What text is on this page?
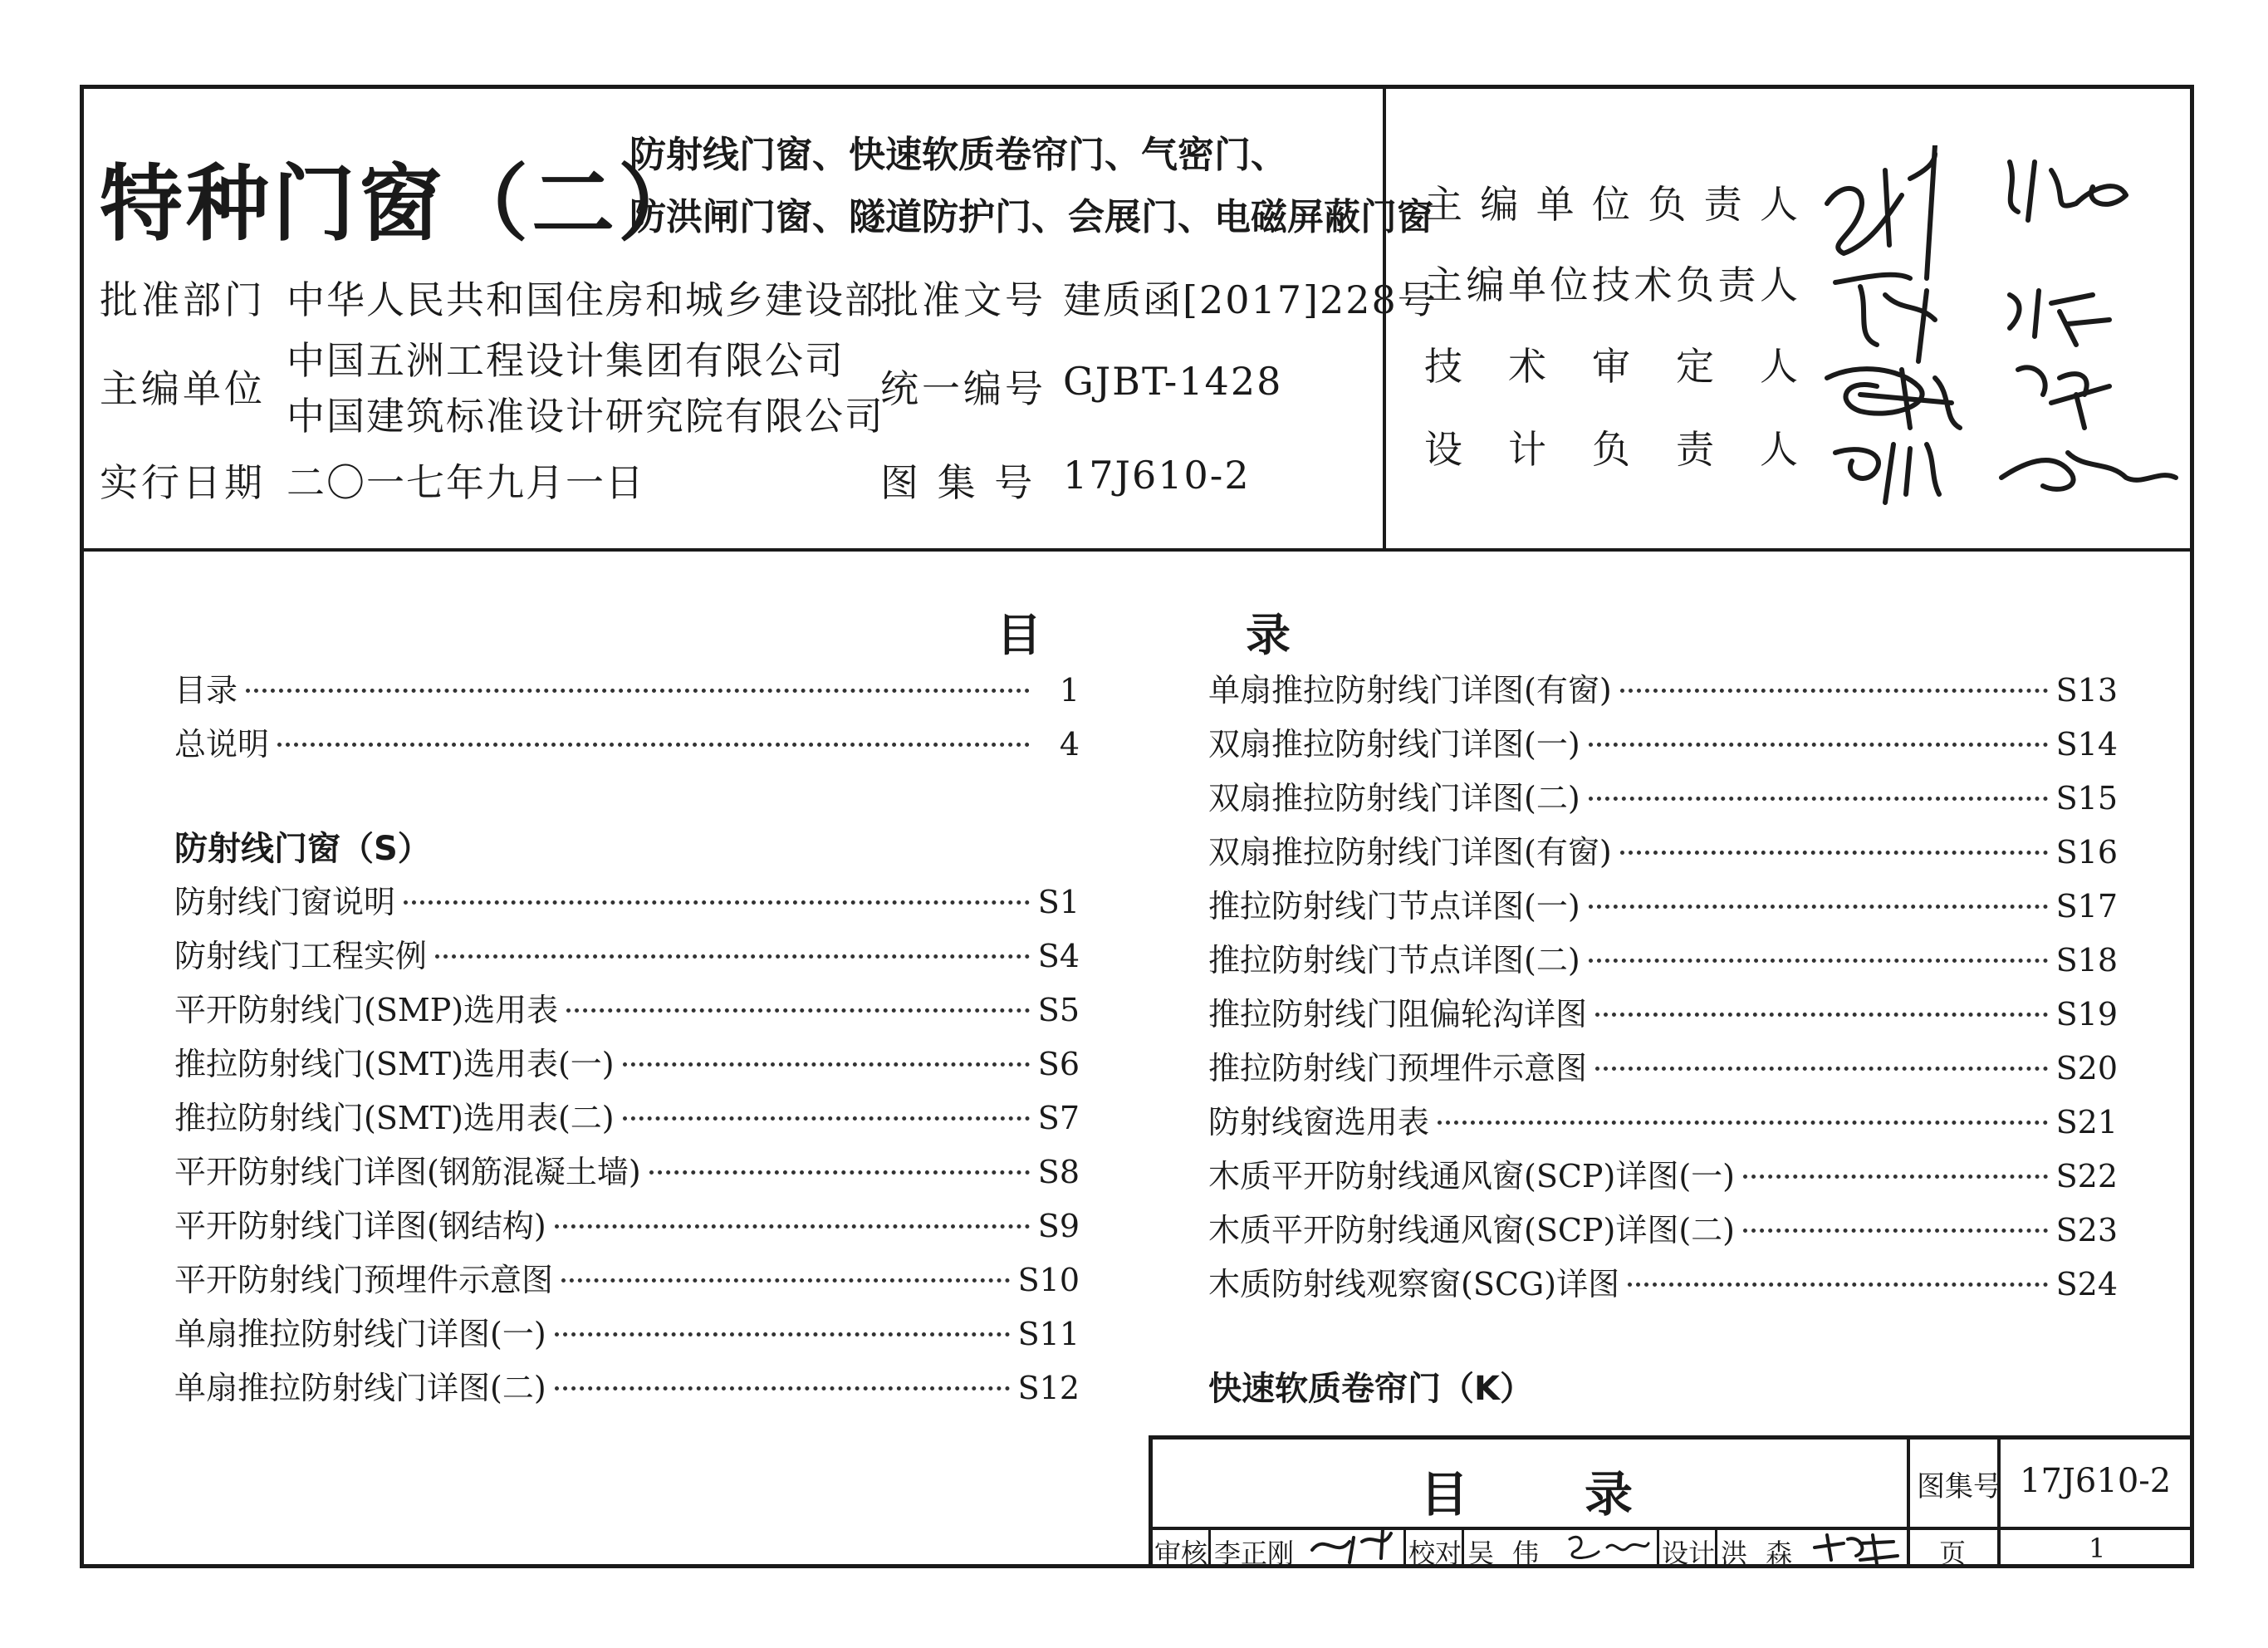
特种门窗（二）
防射线门窗、快速软质卷帘门、气密门、
防洪闸门窗、隧道防护门、会展门、电磁屏蔽门窗
批准部门 中华人民共和国住房和城乡建设部
批准文号 建质函[2017]228号
主编单位
中国五洲工程设计集团有限公司
中国建筑标准设计研究院有限公司
统一编号 GJBT-1428
实行日期 二〇一七年九月一日	图 集 号 17J610-2
主 编 单 位 负 责 人
主 编 单 位 技 术 负 责 人
技 术 审 定 人
设 计 负 责 人
目	录
目录	1
总说明	4
防射线门窗（S）
防射线门窗说明	S1
防射线门工程实例	S4
平开防射线门(SMP)选用表	S5
推拉防射线门(SMT)选用表(一)	S6
推拉防射线门(SMT)选用表(二)	S7
平开防射线门详图(钢筋混凝土墙)	S8
平开防射线门详图(钢结构)	S9
平开防射线门预埋件示意图	S10
单扇推拉防射线门详图(一)	S11
单扇推拉防射线门详图(二)	S12
单扇推拉防射线门详图(有窗)	S13
双扇推拉防射线门详图(一)	S14
双扇推拉防射线门详图(二)	S15
双扇推拉防射线门详图(有窗)	S16
推拉防射线门节点详图(一)	S17
推拉防射线门节点详图(二)	S18
推拉防射线门阻偏轮沟详图	S19
推拉防射线门预埋件示意图	S20
防射线窗选用表	S21
木质平开防射线通风窗(SCP)详图(一)	S22
木质平开防射线通风窗(SCP)详图(二)	S23
木质防射线观察窗(SCG)详图	S24
快速软质卷帘门（K）
目录	图集号 17J610-2
审核 李正刚	校对 吴 伟	设计 洪 森	页	1
